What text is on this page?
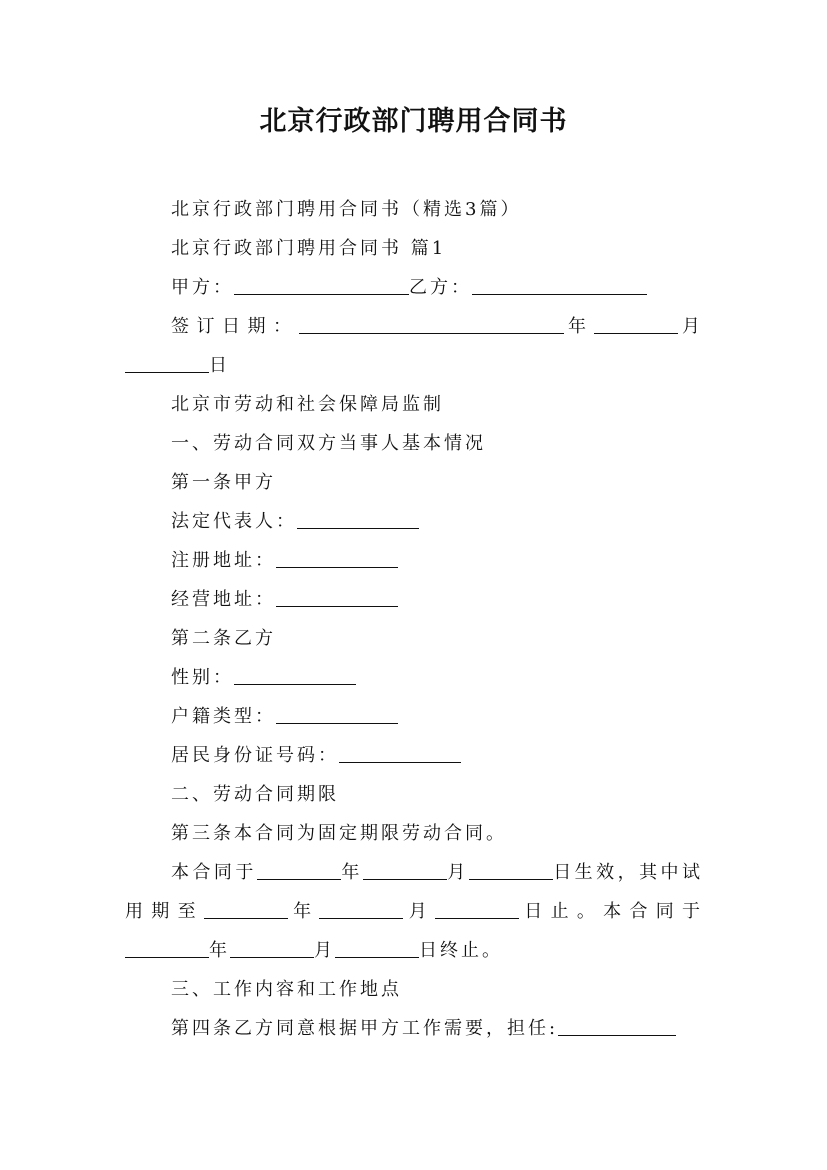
北京行政部门聘用合同书
北京行政部门聘用合同书（精选3篇）
北京行政部门聘用合同书 篇1
甲方：	乙方：
签订日期：	年	月 日
北京市劳动和社会保障局监制
一、劳动合同双方当事人基本情况
第一条甲方
法定代表人：
注册地址：
经营地址：
第二条乙方
性别：
户籍类型：
居民身份证号码：
二、劳动合同期限
第三条本合同为固定期限劳动合同。
本合同于	年	月	日生效，其中试用期至	年	月	日止。本合同于 年	月	日终止。
三、工作内容和工作地点
第四条乙方同意根据甲方工作需要，担任:
